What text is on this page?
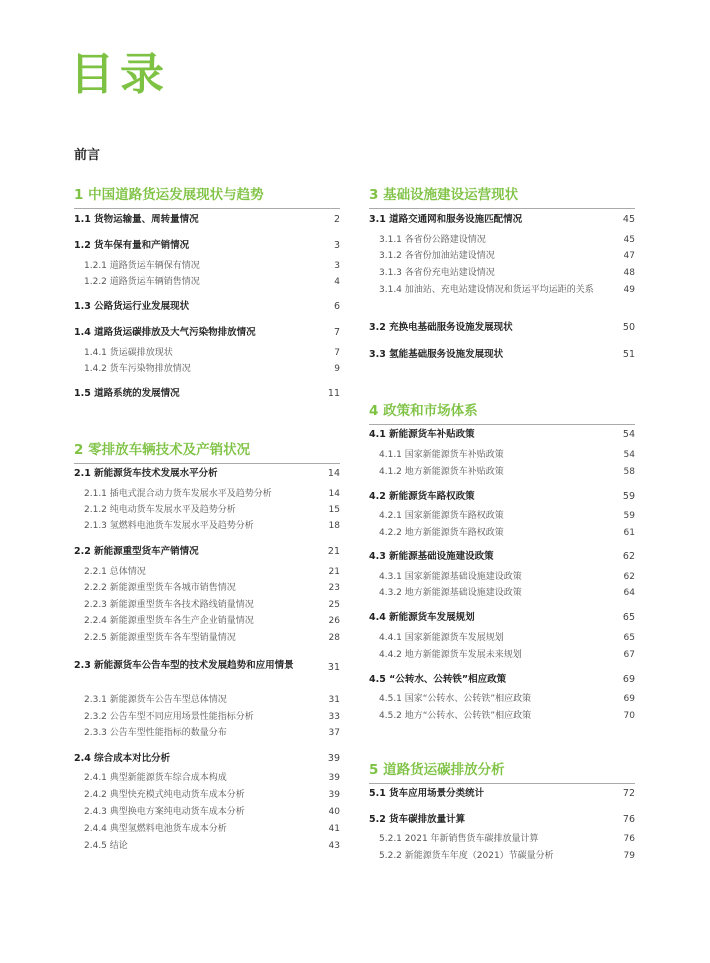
目录
前言
1 中国道路货运发展现状与趋势
1.1 货物运输量、周转量情况	2
1.2 货车保有量和产销情况	3
1.2.1 道路货运车辆保有情况	3
1.2.2 道路货运车辆销售情况	4
1.3 公路货运行业发展现状	6
1.4 道路货运碳排放及大气污染物排放情况	7
1.4.1 货运碳排放现状	7
1.4.2 货车污染物排放情况	9
1.5 道路系统的发展情况	11
2 零排放车辆技术及产销状况
2.1 新能源货车技术发展水平分析	14
2.1.1 插电式混合动力货车发展水平及趋势分析	14
2.1.2 纯电动货车发展水平及趋势分析	15
2.1.3 氢燃料电池货车发展水平及趋势分析	18
2.2 新能源重型货车产销情况	21
2.2.1 总体情况	21
2.2.2 新能源重型货车各城市销售情况	23
2.2.3 新能源重型货车各技术路线销量情况	25
2.2.4 新能源重型货车各生产企业销量情况	26
2.2.5 新能源重型货车各车型销量情况	28
2.3 新能源货车公告车型的技术发展趋势和应用情景	31
2.3.1 新能源货车公告车型总体情况	31
2.3.2 公告车型不同应用场景性能指标分析	33
2.3.3 公告车型性能指标的数量分布	37
2.4 综合成本对比分析	39
2.4.1 典型新能源货车综合成本构成	39
2.4.2 典型快充模式纯电动货车成本分析	39
2.4.3 典型换电方案纯电动货车成本分析	40
2.4.4 典型氢燃料电池货车成本分析	41
2.4.5 结论	43
3 基础设施建设运营现状
3.1 道路交通网和服务设施匹配情况	45
3.1.1 各省份公路建设情况	45
3.1.2 各省份加油站建设情况	47
3.1.3 各省份充电站建设情况	48
3.1.4 加油站、充电站建设情况和货运平均运距的关系	49
3.2 充换电基础服务设施发展现状	50
3.3 氢能基础服务设施发展现状	51
4 政策和市场体系
4.1 新能源货车补贴政策	54
4.1.1 国家新能源货车补贴政策	54
4.1.2 地方新能源货车补贴政策	58
4.2 新能源货车路权政策	59
4.2.1 国家新能源货车路权政策	59
4.2.2 地方新能源货车路权政策	61
4.3 新能源基础设施建设政策	62
4.3.1 国家新能源基础设施建设政策	62
4.3.2 地方新能源基础设施建设政策	64
4.4 新能源货车发展规划	65
4.4.1 国家新能源货车发展规划	65
4.4.2 地方新能源货车发展未来规划	67
4.5 “公转水、公转铁”相应政策	69
4.5.1 国家“公转水、公转铁”相应政策	69
4.5.2 地方“公转水、公转铁”相应政策	70
5 道路货运碳排放分析
5.1 货车应用场景分类统计	72
5.2 货车碳排放量计算	76
5.2.1 2021 年新销售货车碳排放量计算	76
5.2.2 新能源货车年度（2021）节碳量分析	79
